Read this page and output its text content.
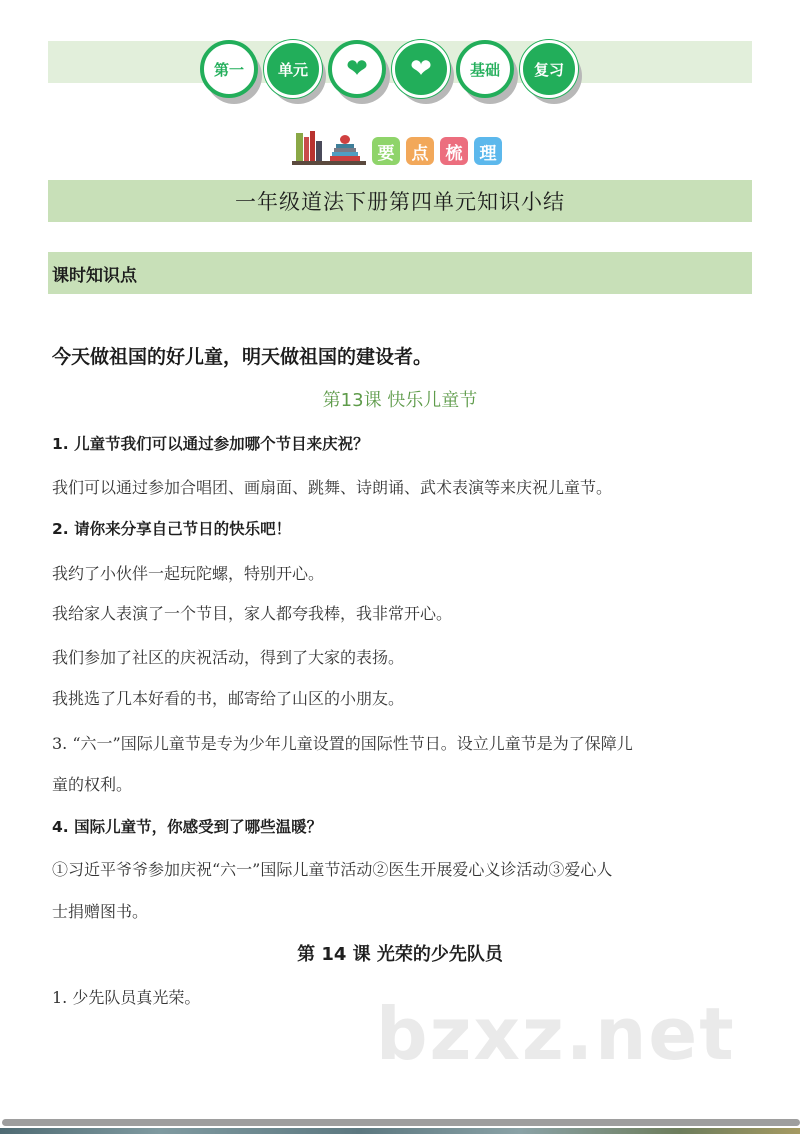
第一 单元 ❤ ❤	基础 复习
要	点	梳	理
一年级道法下册第四单元知识小结
课时知识点
今天做祖国的好儿童，明天做祖国的建设者。
第13课 快乐儿童节
1. 儿童节我们可以通过参加哪个节目来庆祝？
我们可以通过参加合唱团、画扇面、跳舞、诗朗诵、武术表演等来庆祝儿童节。
2. 请你来分享自己节日的快乐吧！
我约了小伙伴一起玩陀螺，特别开心。
我给家人表演了一个节目，家人都夸我棒，我非常开心。
我们参加了社区的庆祝活动，得到了大家的表扬。
我挑选了几本好看的书，邮寄给了山区的小朋友。
3. “六一”国际儿童节是专为少年儿童设置的国际性节日。设立儿童节是为了保障儿
童的权利。
4. 国际儿童节，你感受到了哪些温暖？
①习近平爷爷参加庆祝“六一”国际儿童节活动②医生开展爱心义诊活动③爱心人
士捐赠图书。
第 14 课 光荣的少先队员
1. 少先队员真光荣。 bzxz.net
